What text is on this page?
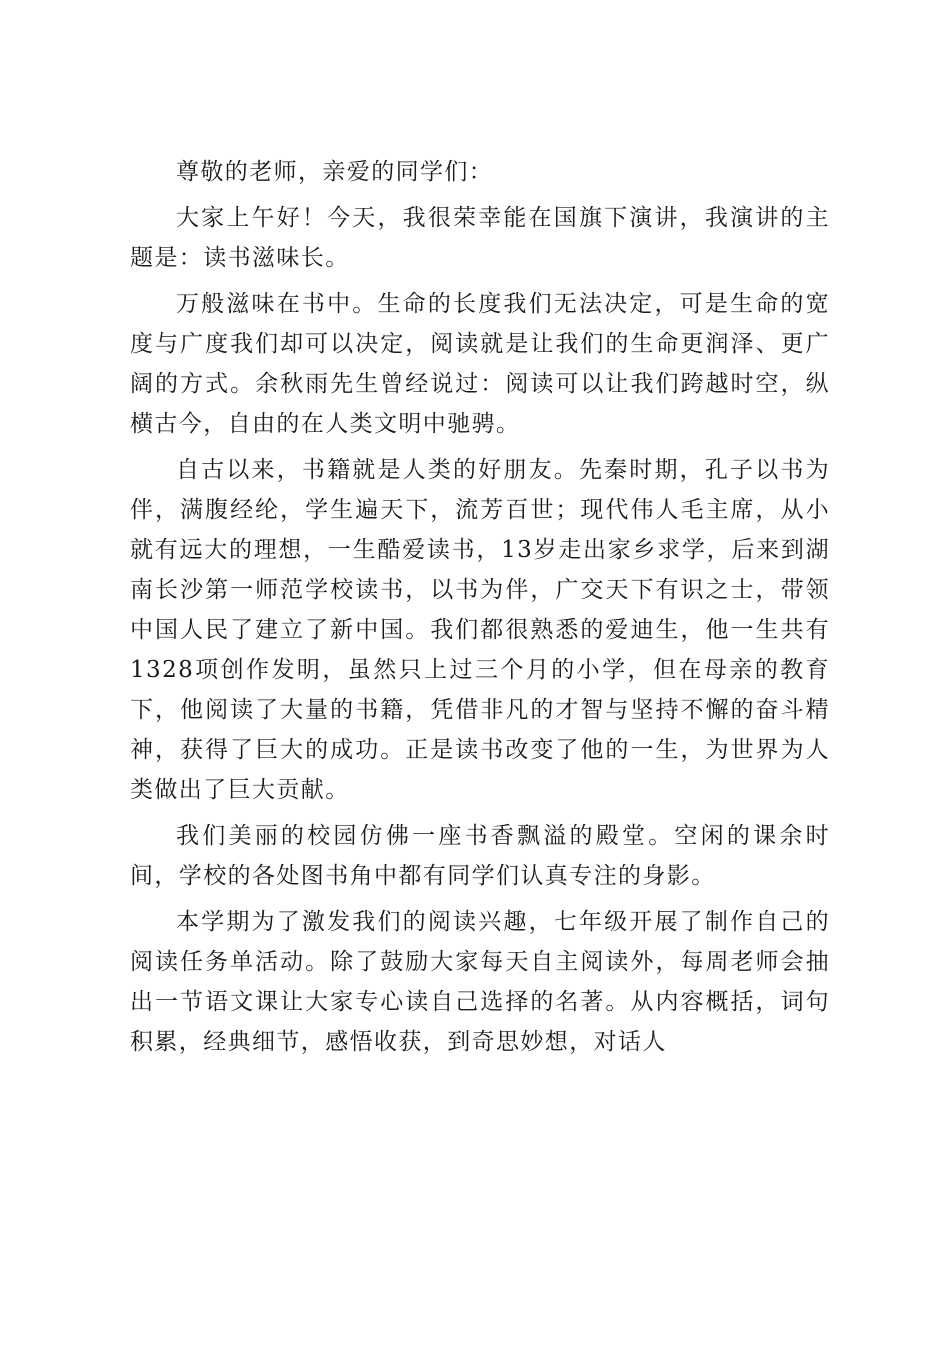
尊敬的老师，亲爱的同学们：

大家上午好！今天，我很荣幸能在国旗下演讲，我演讲的主题是：读书滋味长。

万般滋味在书中。生命的长度我们无法决定，可是生命的宽度与广度我们却可以决定，阅读就是让我们的生命更润泽、更广阔的方式。余秋雨先生曾经说过：阅读可以让我们跨越时空，纵横古今，自由的在人类文明中驰骋。

自古以来，书籍就是人类的好朋友。先秦时期，孔子以书为伴，满腹经纶，学生遍天下，流芳百世；现代伟人毛主席，从小就有远大的理想，一生酷爱读书，13岁走出家乡求学，后来到湖南长沙第一师范学校读书，以书为伴，广交天下有识之士，带领中国人民了建立了新中国。我们都很熟悉的爱迪生，他一生共有1328项创作发明，虽然只上过三个月的小学，但在母亲的教育下，他阅读了大量的书籍，凭借非凡的才智与坚持不懈的奋斗精神，获得了巨大的成功。正是读书改变了他的一生，为世界为人类做出了巨大贡献。

我们美丽的校园仿佛一座书香飘溢的殿堂。空闲的课余时间，学校的各处图书角中都有同学们认真专注的身影。

本学期为了激发我们的阅读兴趣，七年级开展了制作自己的阅读任务单活动。除了鼓励大家每天自主阅读外，每周老师会抽出一节语文课让大家专心读自己选择的名著。从内容概括，词句积累，经典细节，感悟收获，到奇思妙想，对话人
